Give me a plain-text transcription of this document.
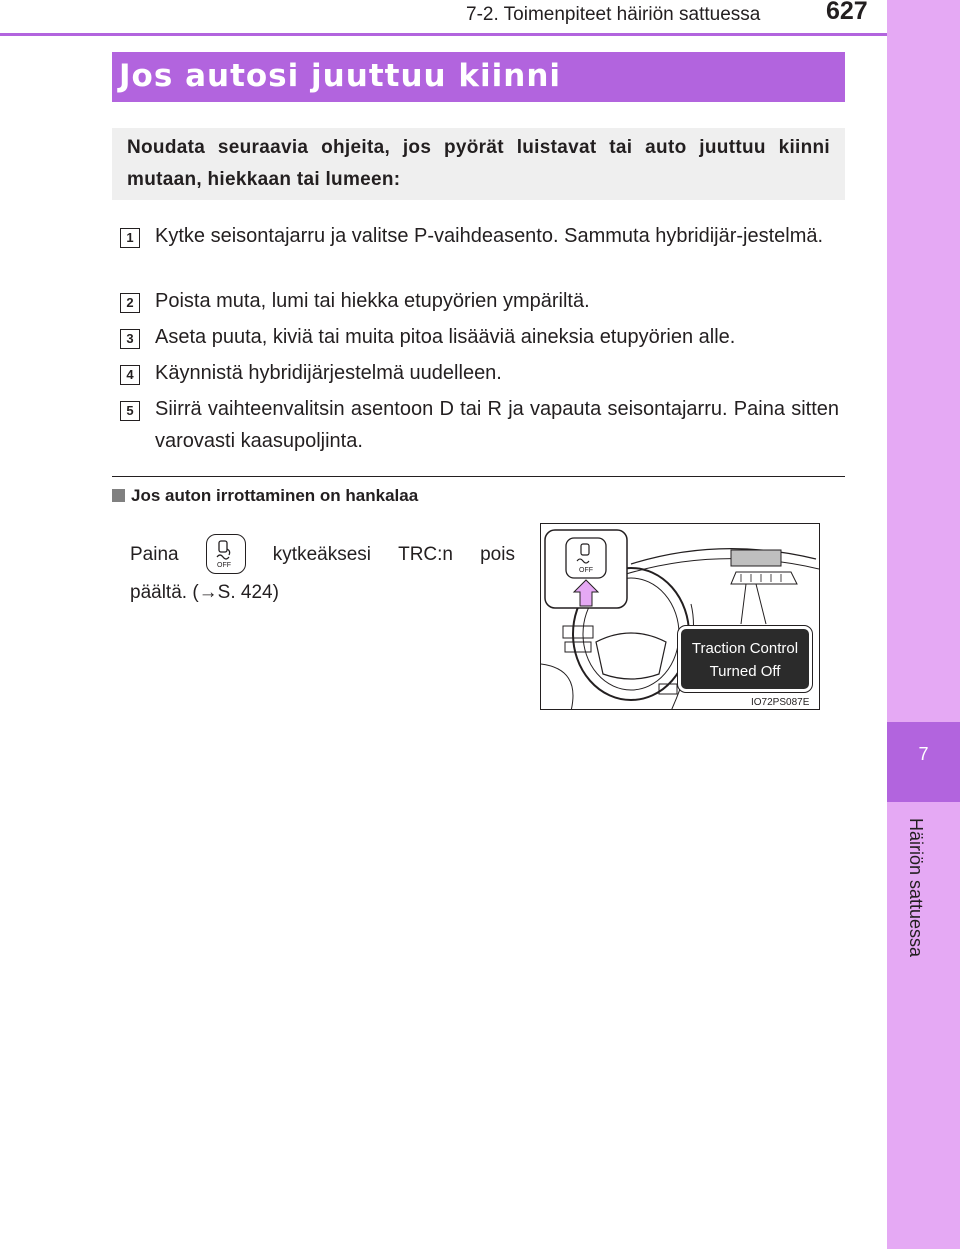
7-2. Toimenpiteet häiriön sattuessa	627
7
Häiriön sattuessa
Jos autosi juuttuu kiinni
Noudata seuraavia ohjeita, jos pyörät luistavat tai auto juuttuu kiinni mutaan, hiekkaan tai lumeen:
1	Kytke seisontajarru ja valitse P-vaihdeasento. Sammuta hybridijär-jestelmä.
2	Poista muta, lumi tai hiekka etupyörien ympäriltä.
3	Aseta puuta, kiviä tai muita pitoa lisääviä aineksia etupyörien alle.
4	Käynnistä hybridijärjestelmä uudelleen.
5	Siirrä vaihteenvalitsin asentoon D tai R ja vapauta seisontajarru. Paina sitten varovasti kaasupoljinta.
Jos auton irrottaminen on hankalaa
Paina
OFF
kytkeäksesi TRC:n pois
päältä. (→S. 424)
OFF
Traction Control
Turned Off
IO72PS087E
